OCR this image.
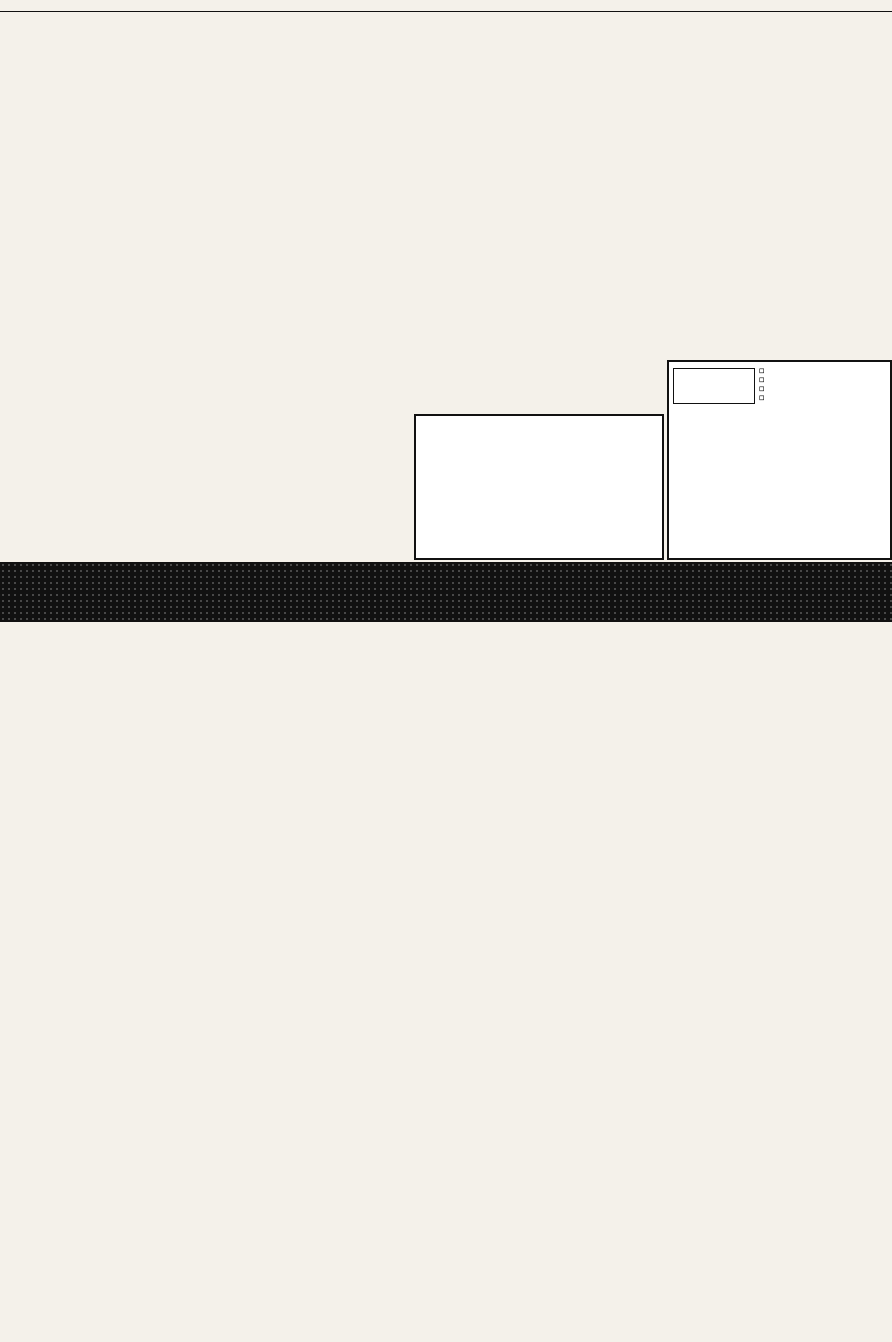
☐
☐
☐
☐
